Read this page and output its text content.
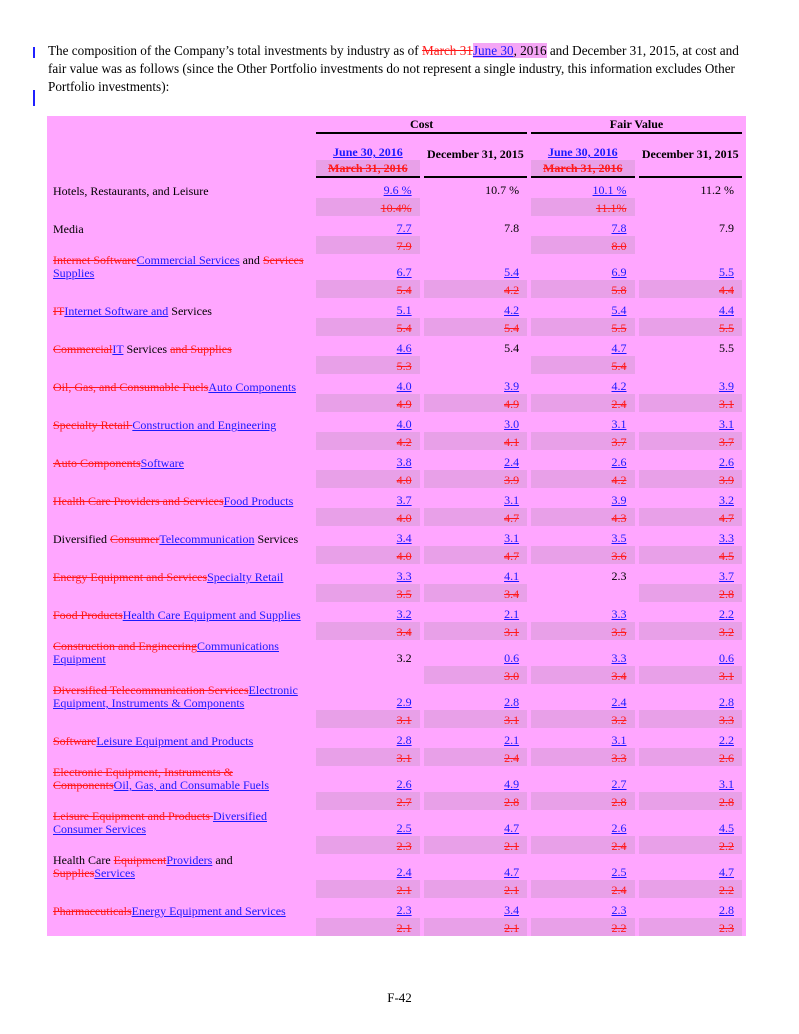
The composition of the Company’s total investments by industry as of March 31June 30, 2016 and December 31, 2015, at cost and fair value was as follows (since the Other Portfolio investments do not represent a single industry, this information excludes Other Portfolio investments):
	Cost		Fair Value	
	June 30, 2016	December 31, 2015	June 30, 2016	December 31, 2015
	March 31, 2016		March 31, 2016	
Hotels, Restaurants, and Leisure	9.6 %	10.7 %	10.1 %	11.2 %
	10.4%		11.1%	
Media	7.7	7.8	7.8	7.9
	7.9		8.0	
Internet SoftwareCommercial Services and Services Supplies	6.7	5.4	6.9	5.5
	5.4	4.2	5.8	4.4
ITInternet Software and Services	5.1	4.2	5.4	4.4
	5.4	5.4	5.5	5.5
CommercialIT Services and Supplies	4.6	5.4	4.7	5.5
	5.3		5.4	
Oil, Gas, and Consumable FuelsAuto Components	4.0	3.9	4.2	3.9
	4.9	4.9	2.4	3.1
Specialty Retail Construction and Engineering	4.0	3.0	3.1	3.1
	4.2	4.1	3.7	3.7
Auto ComponentsSoftware	3.8	2.4	2.6	2.6
	4.0	3.9	4.2	3.9
Health Care Providers and ServicesFood Products	3.7	3.1	3.9	3.2
	4.0	4.7	4.3	4.7
Diversified ConsumerTelecommunication Services	3.4	3.1	3.5	3.3
	4.0	4.7	3.6	4.5
Energy Equipment and ServicesSpecialty Retail	3.3	4.1	2.3	3.7
	3.5	3.4		2.8
Food ProductsHealth Care Equipment and Supplies	3.2	2.1	3.3	2.2
	3.4	3.1	3.5	3.2
Construction and EngineeringCommunications Equipment	3.2	0.6	3.3	0.6
		3.0	3.4	3.1
Diversified Telecommunication ServicesElectronic Equipment, Instruments & Components	2.9	2.8	2.4	2.8
	3.1	3.1	3.2	3.3
SoftwareLeisure Equipment and Products	2.8	2.1	3.1	2.2
	3.1	2.4	3.3	2.6
Electronic Equipment, Instruments & ComponentsOil, Gas, and Consumable Fuels	2.6	4.9	2.7	3.1
	2.7	2.8	2.8	2.8
Leisure Equipment and Products Diversified Consumer Services	2.5	4.7	2.6	4.5
	2.3	2.1	2.4	2.2
Health Care EquipmentProviders and SuppliesServices	2.4	4.7	2.5	4.7
	2.1	2.1	2.4	2.2
PharmaceuticalsEnergy Equipment and Services	2.3	3.4	2.3	2.8
	2.1	2.1	2.2	2.3
F-42
